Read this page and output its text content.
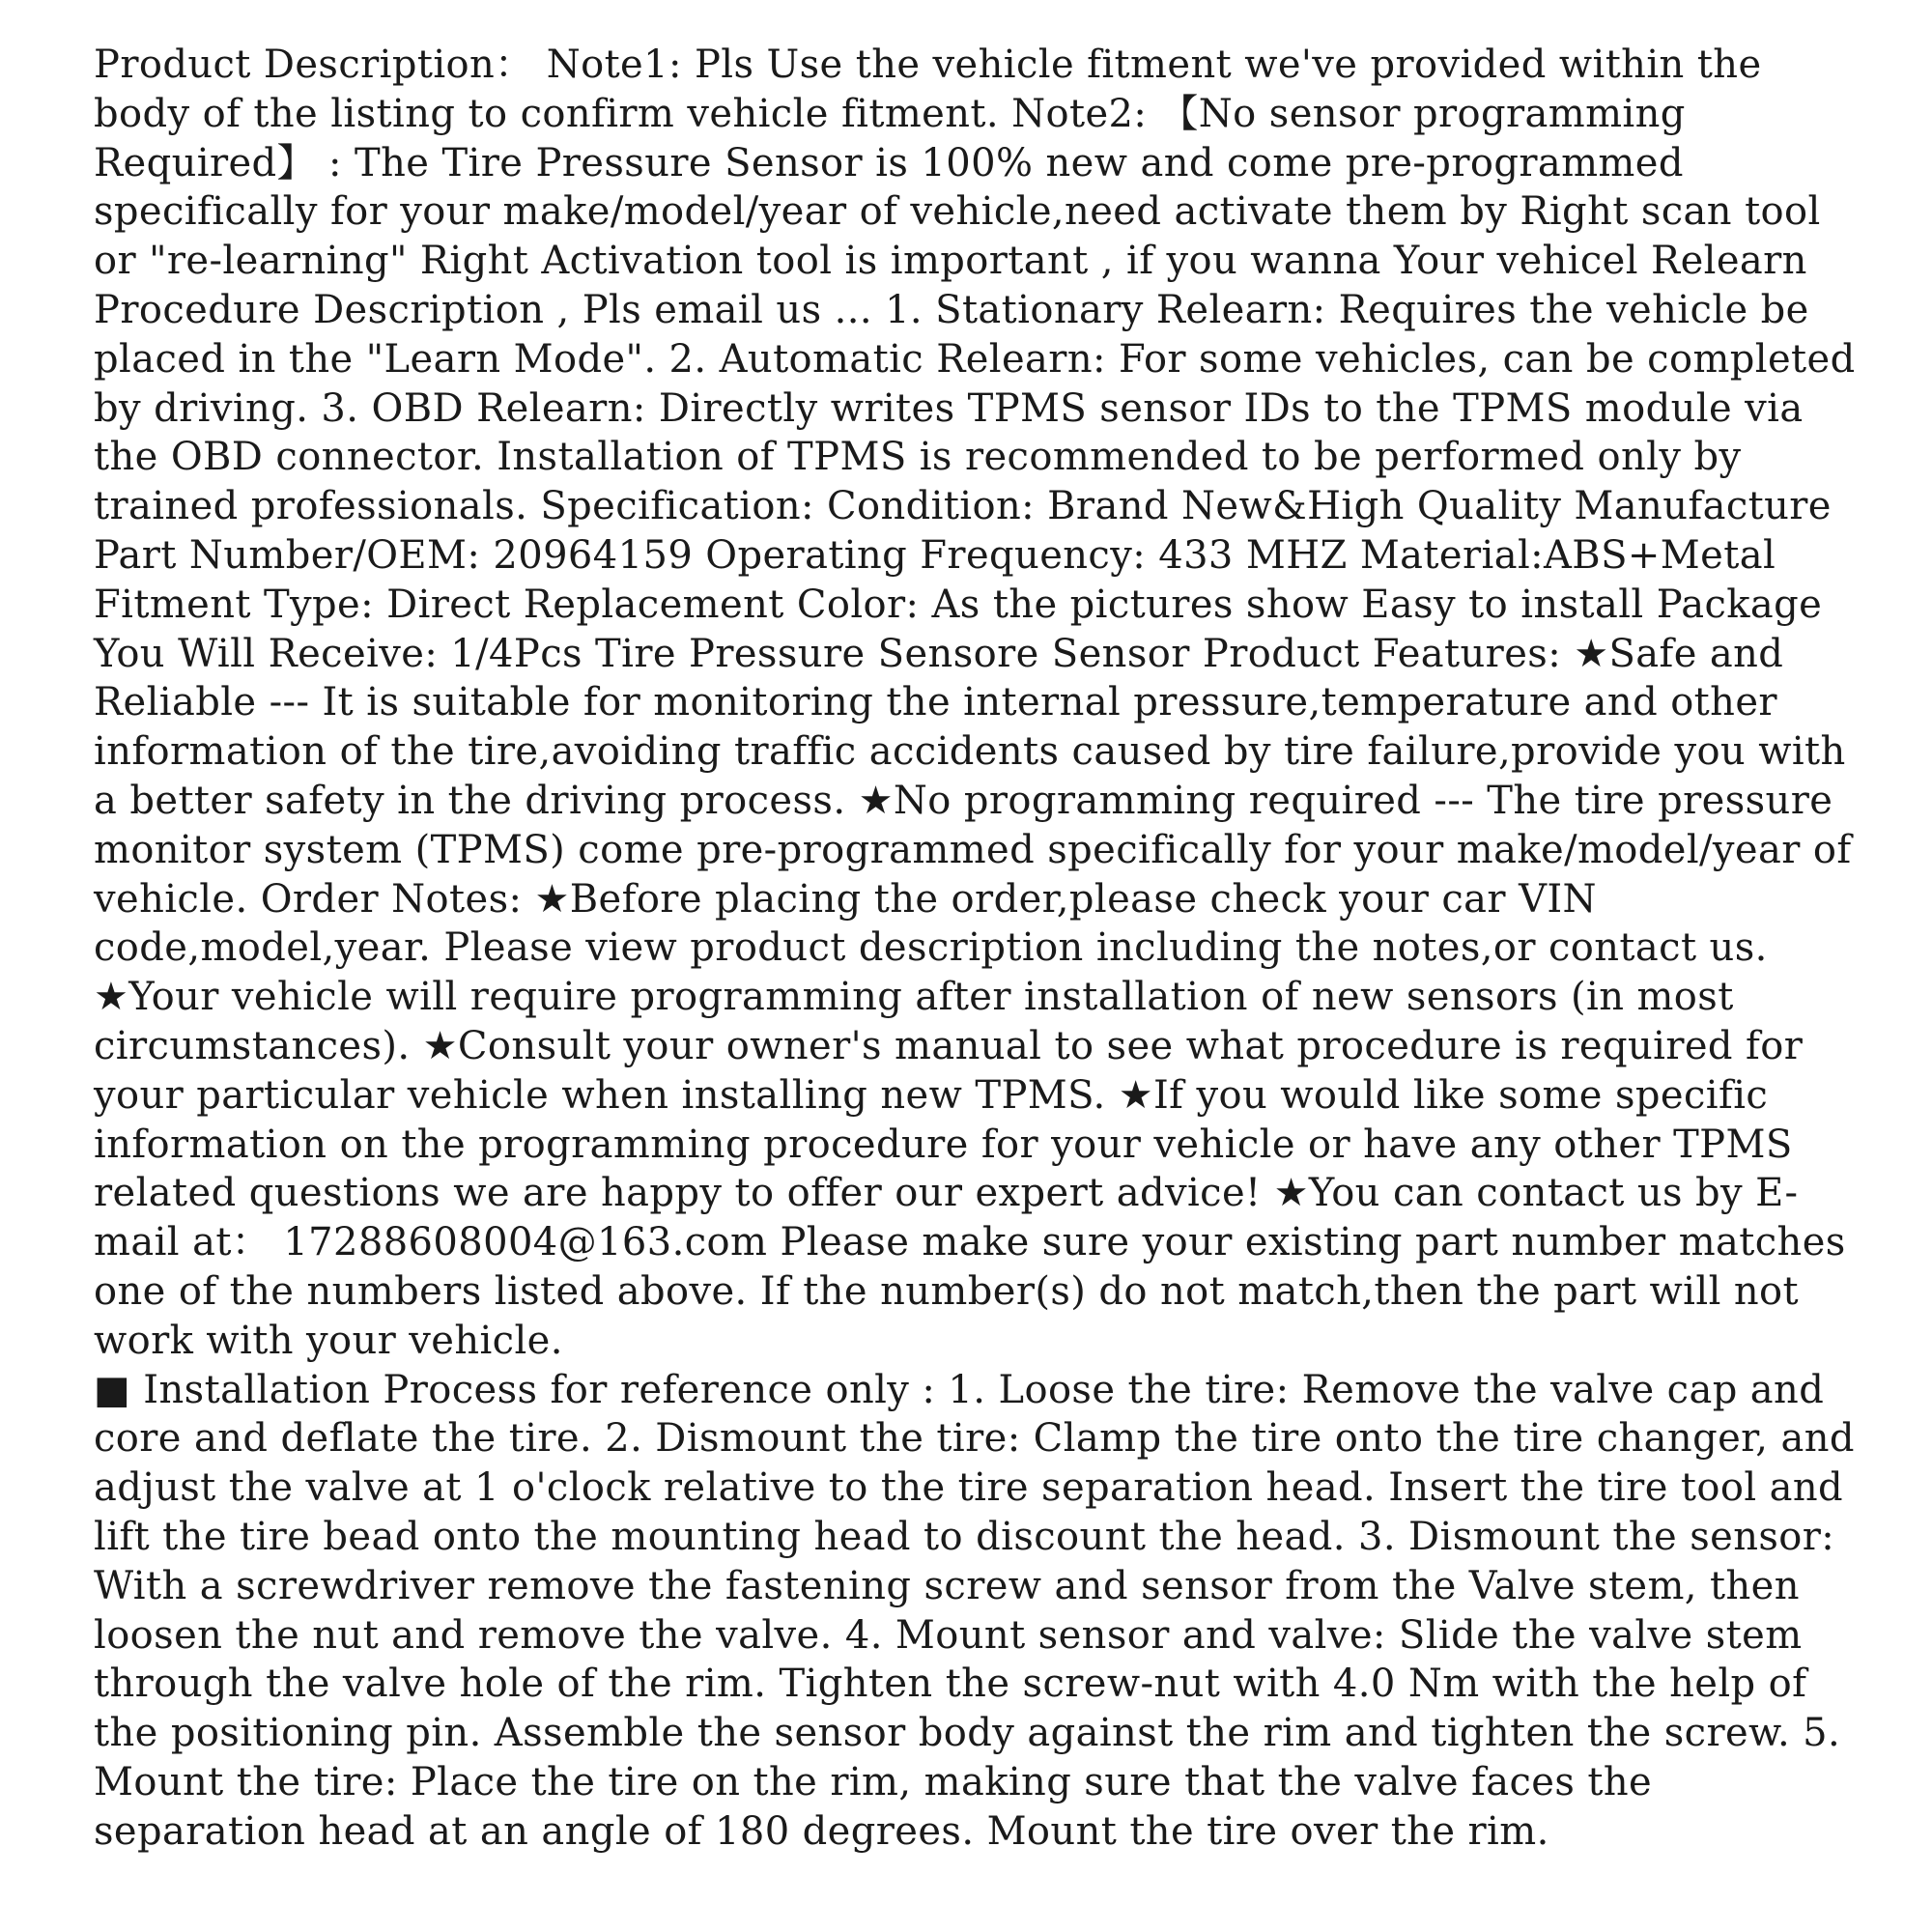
Product Description： Note1: Pls Use the vehicle fitment we've provided within the body of the listing to confirm vehicle fitment. Note2: 【No sensor programming Required】 : The Tire Pressure Sensor is 100% new and come pre-programmed specifically for your make/model/year of vehicle,need activate them by Right scan tool or "re-learning" Right Activation tool is important , if you wanna Your vehicel Relearn Procedure Description , Pls email us ... 1. Stationary Relearn: Requires the vehicle be placed in the "Learn Mode". 2. Automatic Relearn: For some vehicles, can be completed by driving. 3. OBD Relearn: Directly writes TPMS sensor IDs to the TPMS module via the OBD connector. Installation of TPMS is recommended to be performed only by trained professionals. Specification: Condition: Brand New&High Quality Manufacture Part Number/OEM: 20964159 Operating Frequency: 433 MHZ Material:ABS+Metal Fitment Type: Direct Replacement Color: As the pictures show Easy to install Package You Will Receive: 1/4Pcs Tire Pressure Sensore Sensor Product Features: ★Safe and Reliable --- It is suitable for monitoring the internal pressure,temperature and other information of the tire,avoiding traffic accidents caused by tire failure,provide you with a better safety in the driving process. ★No programming required --- The tire pressure monitor system (TPMS) come pre-programmed specifically for your make/model/year of vehicle. Order Notes: ★Before placing the order,please check your car VIN code,model,year. Please view product description including the notes,or contact us. ★Your vehicle will require programming after installation of new sensors (in most circumstances). ★Consult your owner's manual to see what procedure is required for your particular vehicle when installing new TPMS. ★If you would like some specific information on the programming procedure for your vehicle or have any other TPMS related questions we are happy to offer our expert advice! ★You can contact us by E-mail at： 17288608004@163.com Please make sure your existing part number matches one of the numbers listed above. If the number(s) do not match,then the part will not work with your vehicle.

■ Installation Process for reference only : 1. Loose the tire: Remove the valve cap and core and deflate the tire. 2. Dismount the tire: Clamp the tire onto the tire changer, and adjust the valve at 1 o'clock relative to the tire separation head. Insert the tire tool and lift the tire bead onto the mounting head to discount the head. 3. Dismount the sensor: With a screwdriver remove the fastening screw and sensor from the Valve stem, then loosen the nut and remove the valve. 4. Mount sensor and valve: Slide the valve stem through the valve hole of the rim. Tighten the screw-nut with 4.0 Nm with the help of the positioning pin. Assemble the sensor body against the rim and tighten the screw. 5. Mount the tire: Place the tire on the rim, making sure that the valve faces the separation head at an angle of 180 degrees. Mount the tire over the rim.
